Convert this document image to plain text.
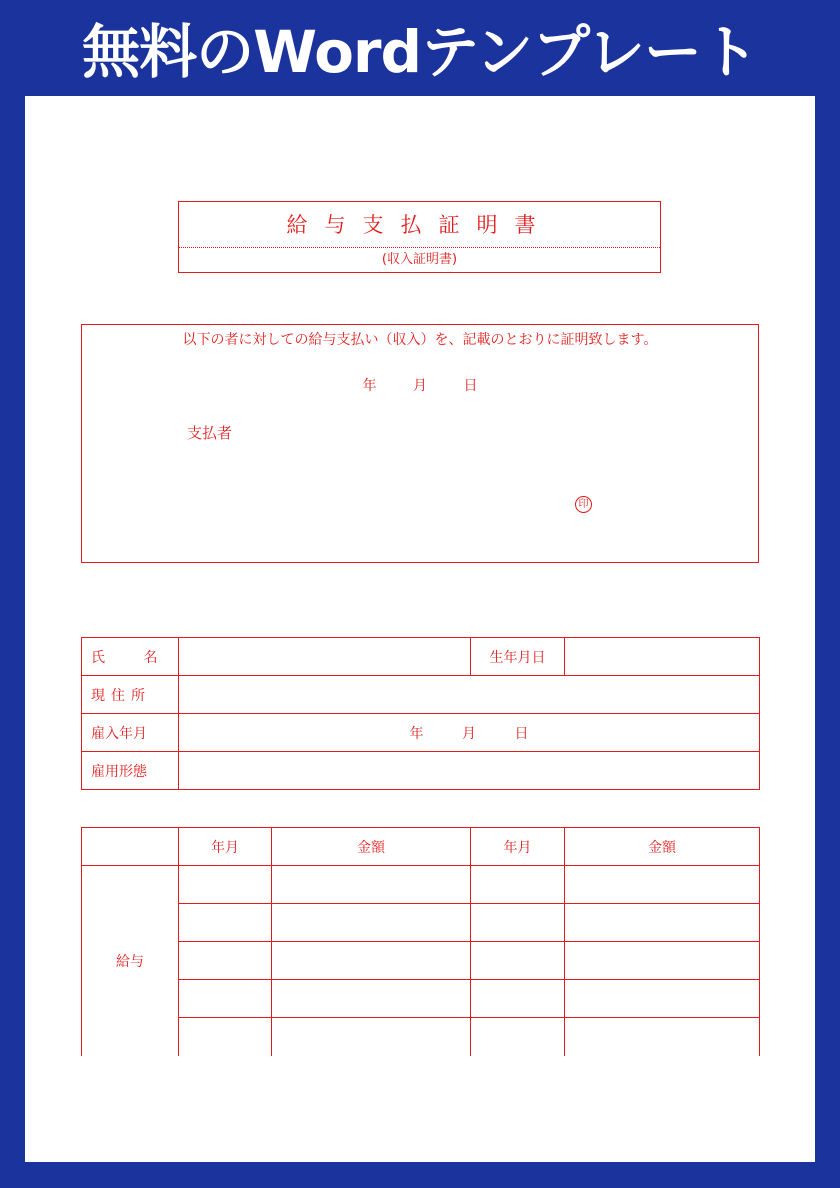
無料のWordテンプレート
給与支払証明書
(収入証明書)
以下の者に対しての給与支払い（収入）を、記載のとおりに証明致します。
年 月 日
支払者
印
氏 名		生年月日	
現住所			
雇入年月	年 月 日		
雇用形態			
	年月	金額	年月	金額
給与				
